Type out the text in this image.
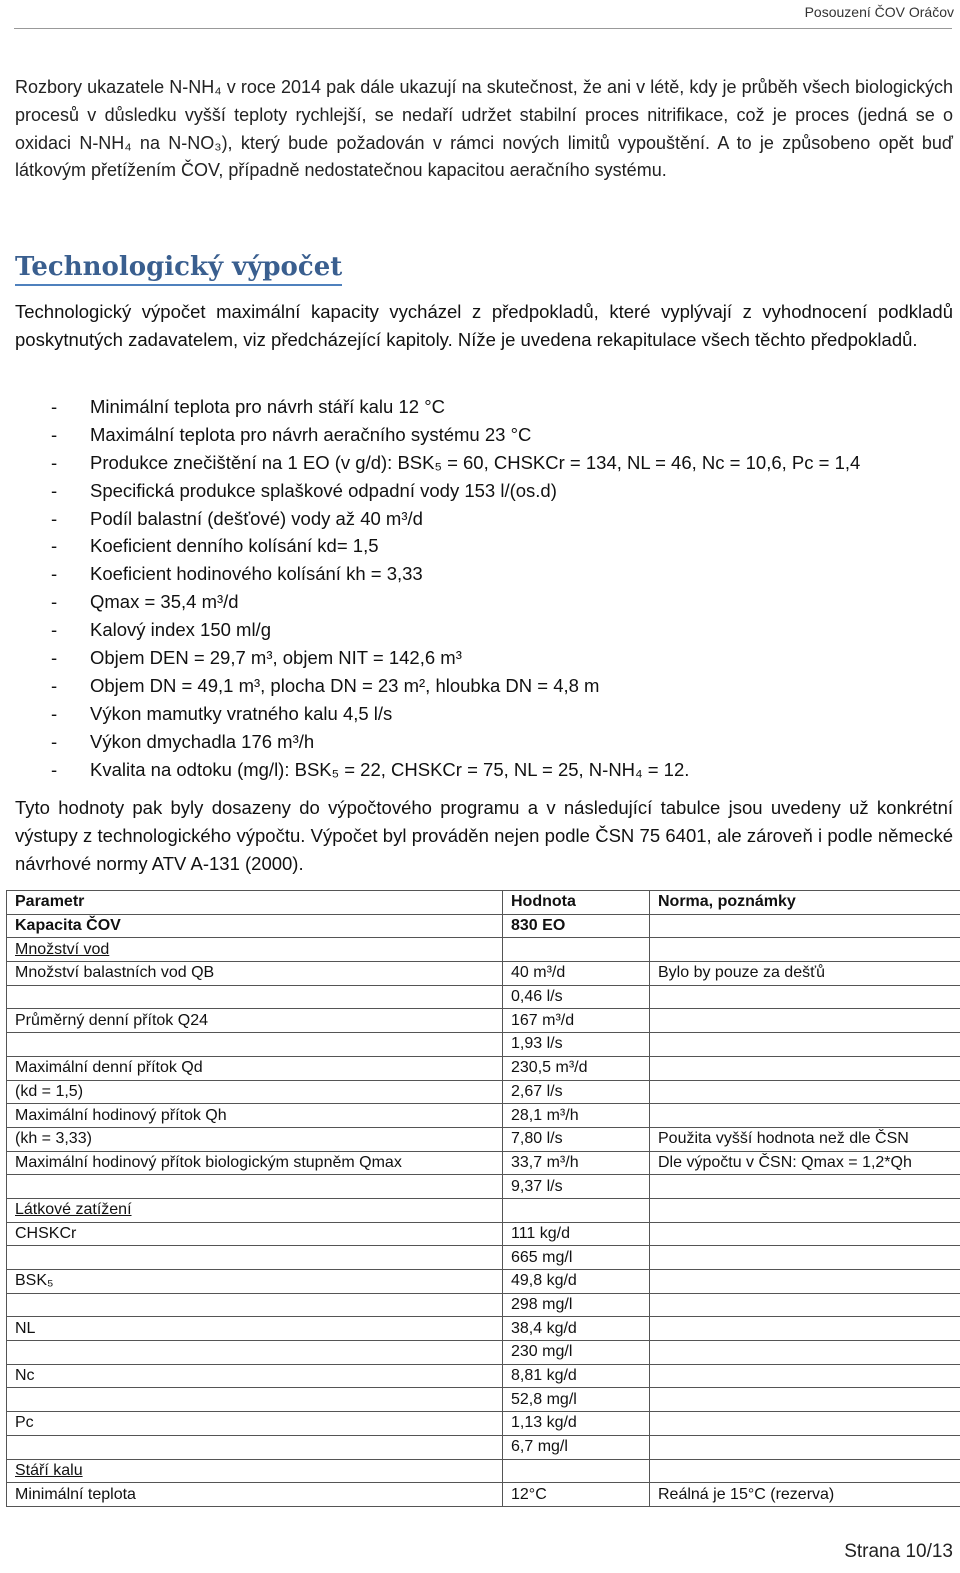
Posouzení ČOV Oráčov
Rozbory ukazatele N-NH₄ v roce 2014 pak dále ukazují na skutečnost, že ani v létě, kdy je průběh všech biologických procesů v důsledku vyšší teploty rychlejší, se nedaří udržet stabilní proces nitrifikace, což je proces (jedná se o oxidaci N-NH₄ na N-NO₃), který bude požadován v rámci nových limitů vypouštění. A to je způsobeno opět buď látkovým přetížením ČOV, případně nedostatečnou kapacitou aeračního systému.
Technologický výpočet
Technologický výpočet maximální kapacity vycházel z předpokladů, které vyplývají z vyhodnocení podkladů poskytnutých zadavatelem, viz předcházející kapitoly. Níže je uvedena rekapitulace všech těchto předpokladů.
- Minimální teplota pro návrh stáří kalu 12 °C
- Maximální teplota pro návrh aeračního systému 23 °C
- Produkce znečištění na 1 EO (v g/d): BSK₅ = 60, CHSKCr = 134, NL = 46, Nc = 10,6, Pc = 1,4
- Specifická produkce splaškové odpadní vody 153 l/(os.d)
- Podíl balastní (dešťové) vody až 40 m³/d
- Koeficient denního kolísání kd= 1,5
- Koeficient hodinového kolísání kh = 3,33
- Qmax = 35,4 m³/d
- Kalový index 150 ml/g
- Objem DEN = 29,7 m³, objem NIT = 142,6 m³
- Objem DN = 49,1 m³, plocha DN = 23 m², hloubka DN = 4,8 m
- Výkon mamutky vratného kalu 4,5 l/s
- Výkon dmychadla 176 m³/h
- Kvalita na odtoku (mg/l): BSK₅ = 22, CHSKCr = 75, NL = 25, N-NH₄ = 12.
Tyto hodnoty pak byly dosazeny do výpočtového programu a v následující tabulce jsou uvedeny už konkrétní výstupy z technologického výpočtu. Výpočet byl prováděn nejen podle ČSN 75 6401, ale zároveň i podle německé návrhové normy ATV A-131 (2000).
Parametr	Hodnota	Norma, poznámky
Kapacita ČOV	830 EO	
Množství vod		
Množství balastních vod QB	40 m³/d	Bylo by pouze za dešťů
	0,46 l/s	
Průměrný denní přítok Q24	167 m³/d	
	1,93 l/s	
Maximální denní přítok Qd	230,5 m³/d	
(kd = 1,5)	2,67 l/s	
Maximální hodinový přítok Qh	28,1 m³/h	
(kh = 3,33)	7,80 l/s	Použita vyšší hodnota než dle ČSN
Maximální hodinový přítok biologickým stupněm Qmax	33,7 m³/h	Dle výpočtu v ČSN: Qmax = 1,2*Qh
	9,37 l/s	
Látkové zatížení		
CHSKCr	111 kg/d	
	665 mg/l	
BSK₅	49,8 kg/d	
	298 mg/l	
NL	38,4 kg/d	
	230 mg/l	
Nc	8,81 kg/d	
	52,8 mg/l	
Pc	1,13 kg/d	
	6,7 mg/l	
Stáří kalu		
Minimální teplota	12°C	Reálná je 15°C (rezerva)
Strana 10/13
